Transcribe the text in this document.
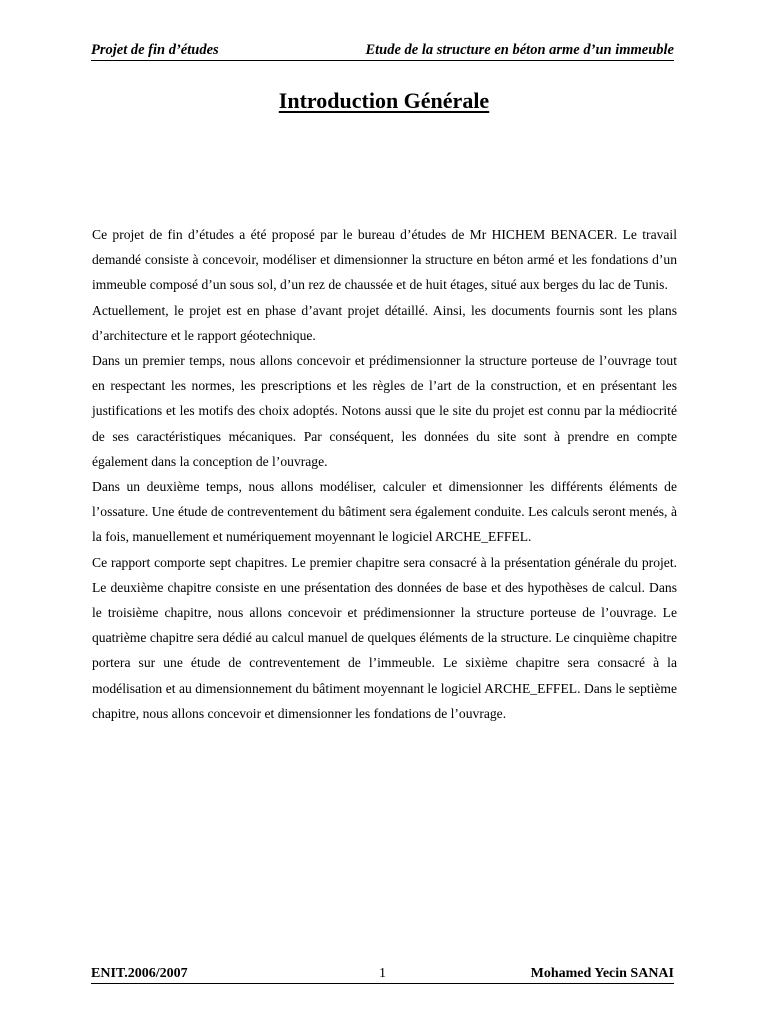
Projet de fin d’études	Etude de la structure en béton arme d’un immeuble
Introduction Générale

Ce projet de fin d’études a été proposé par le bureau d’études de Mr HICHEM BENACER. Le travail demandé consiste à concevoir, modéliser et dimensionner la structure en béton armé et les fondations d’un immeuble composé d’un sous sol, d’un rez de chaussée et de huit étages, situé aux berges du lac de Tunis.

Actuellement, le projet est en phase d’avant projet détaillé. Ainsi, les documents fournis sont les plans d’architecture et le rapport géotechnique.

Dans un premier temps, nous allons concevoir et prédimensionner la structure porteuse de l’ouvrage tout en respectant les normes, les prescriptions et les règles de l’art de la construction, et en présentant les justifications et les motifs des choix adoptés. Notons aussi que le site du projet est connu par la médiocrité de ses caractéristiques mécaniques. Par conséquent, les données du site sont à prendre en compte également dans la conception de l’ouvrage.

Dans un deuxième temps, nous allons modéliser, calculer et dimensionner les différents éléments de l’ossature. Une étude de contreventement du bâtiment sera également conduite. Les calculs seront menés, à la fois, manuellement et numériquement moyennant le logiciel ARCHE_EFFEL.

Ce rapport comporte sept chapitres. Le premier chapitre sera consacré à la présentation générale du projet. Le deuxième chapitre consiste en une présentation des données de base et des hypothèses de calcul. Dans le troisième chapitre, nous allons concevoir et prédimensionner la structure porteuse de l’ouvrage. Le quatrième chapitre sera dédié au calcul manuel de quelques éléments de la structure. Le cinquième chapitre portera sur une étude de contreventement de l’immeuble. Le sixième chapitre sera consacré à la modélisation et au dimensionnement du bâtiment moyennant le logiciel ARCHE_EFFEL. Dans le septième chapitre, nous allons concevoir et dimensionner les fondations de l’ouvrage.

ENIT.2006/2007	1	Mohamed Yecin SANAI
